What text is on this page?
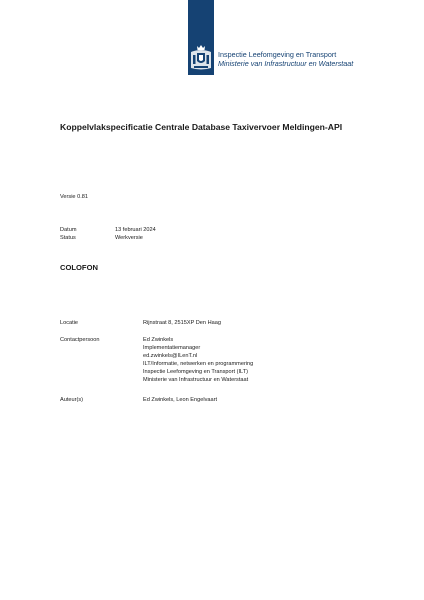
Inspectie Leefomgeving en Transport
Ministerie van Infrastructuur en Waterstaat
Koppelvlakspecificatie Centrale Database Taxivervoer Meldingen-API
Versie 0.81
Datum	13 februari 2024
Status	Werkversie
COLOFON
Locatie	Rijnstraat 8, 2515XP Den Haag
Contactpersoon	Ed Zwinkels
Implementatiemanager
ed.zwinkels@ILenT.nl
ILT/Informatie, netwerken en programmering
Inspectie Leefomgeving en Transport (ILT)
Ministerie van Infrastructuur en Waterstaat
Auteur(s)	Ed Zwinkels, Leon Engelvaart
